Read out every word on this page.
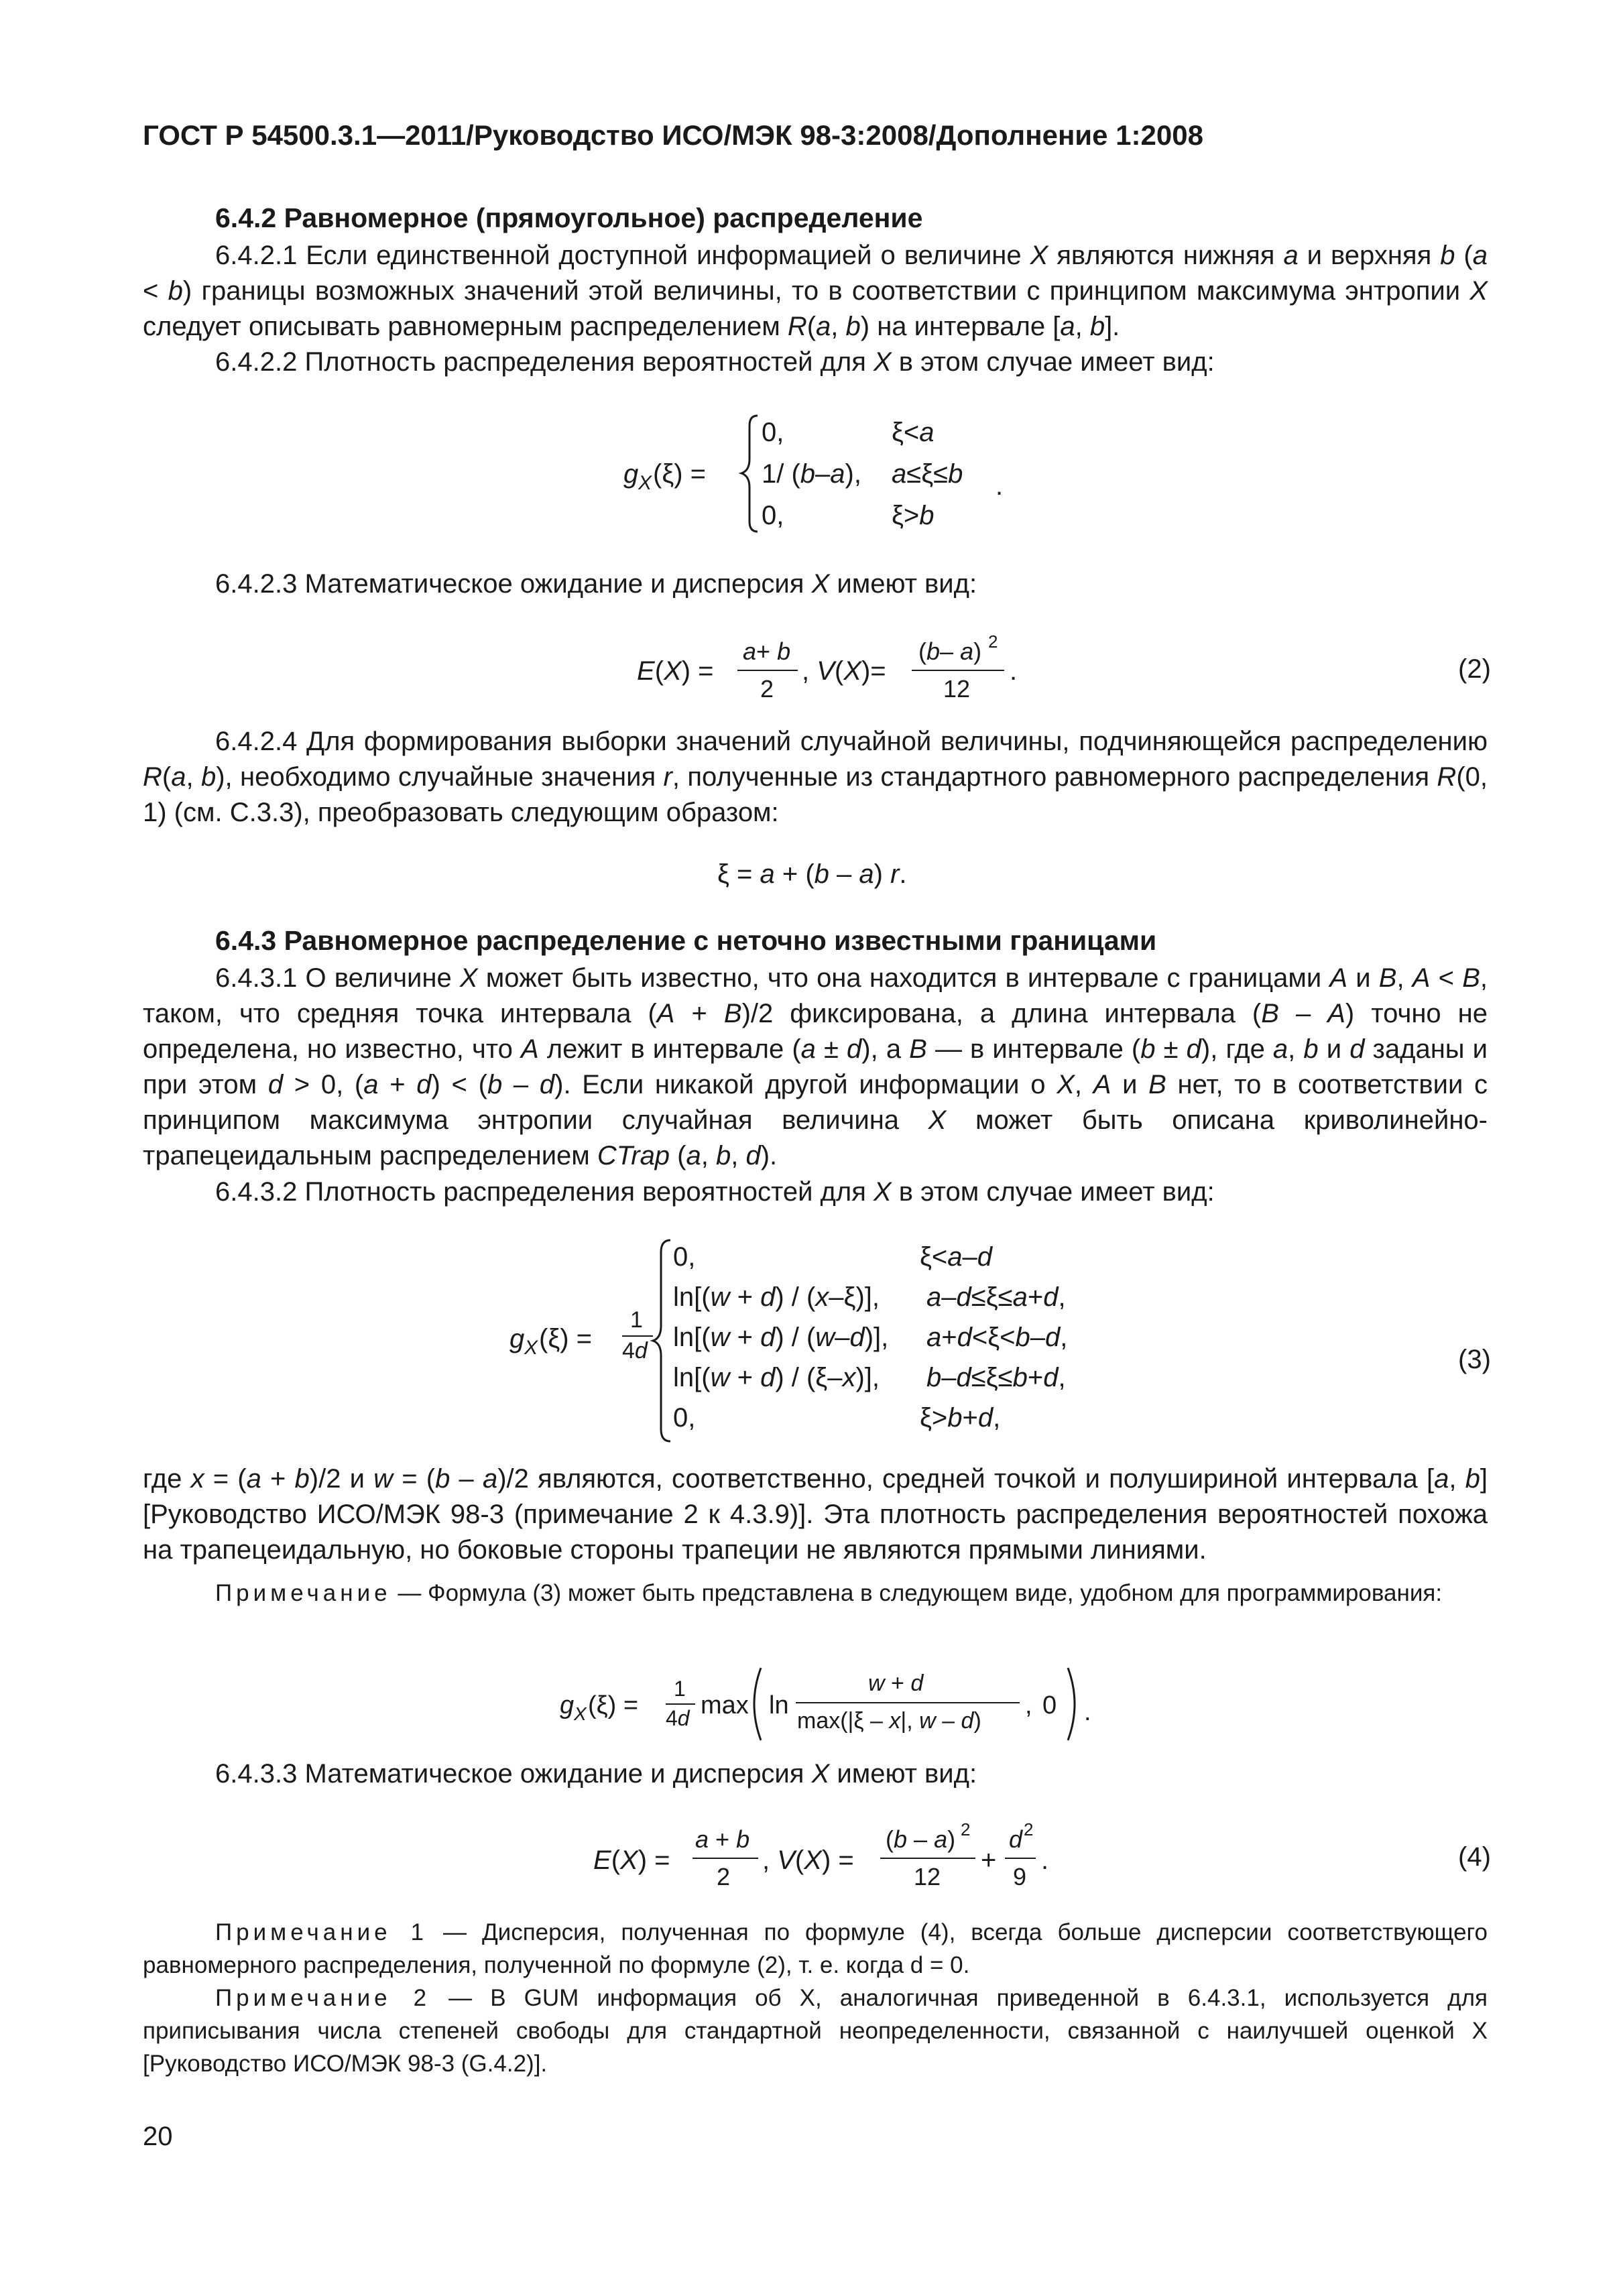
ГОСТ Р 54500.3.1—2011/Руководство ИСО/МЭК 98-3:2008/Дополнение 1:2008
6.4.2 Равномерное (прямоугольное) распределение

6.4.2.1 Если единственной доступной информацией о величине X являются нижняя a и верхняя b (a < b) границы возможных значений этой величины, то в соответствии с принципом максимума энтропии X следует описывать равномерным распределением R(a, b) на интервале [a, b].

6.4.2.2 Плотность распределения вероятностей для X в этом случае имеет вид:

g X (ξ) =
0,	ξ<a
1/ (b–a), a≤ξ≤b
0,	ξ>b
.

6.4.2.3 Математическое ожидание и дисперсия X имеют вид:

E(X) =
a+ b
2
, V(X)=
(b– a) 2
12
.	(2)

6.4.2.4 Для формирования выборки значений случайной величины, подчиняющейся распределению R(a, b), необходимо случайные значения r, полученные из стандартного равномерного распределения R(0, 1) (см. С.3.3), преобразовать следующим образом:

ξ = a + (b – a) r.
6.4.3 Равномерное распределение с неточно известными границами

6.4.3.1 О величине X может быть известно, что она находится в интервале с границами A и B, A < B, таком, что средняя точка интервала (A + B)/2 фиксирована, а длина интервала (B – A) точно не определена, но известно, что A лежит в интервале (a ± d), а B — в интервале (b ± d), где a, b и d заданы и при этом d > 0, (a + d) < (b – d). Если никакой другой информации о X, A и B нет, то в соответствии с принципом максимума энтропии случайная величина X может быть описана криволинейно-трапецеидальным распределением CTrap (a, b, d).

6.4.3.2 Плотность распределения вероятностей для X в этом случае имеет вид:

g X (ξ) =
1
4d
0,	ξ<a–d
ln[(w + d) / (x–ξ)], a–d≤ξ≤a+d,
ln[(w + d) / (w–d)], a+d<ξ<b–d,
ln[(w + d) / (ξ–x)], b–d≤ξ≤b+d,
0,	ξ>b+d,
(3)

где x = (a + b)/2 и w = (b – a)/2 являются, соответственно, средней точкой и полушириной интервала [a, b] [Руководство ИСО/МЭК 98-3 (примечание 2 к 4.3.9)]. Эта плотность распределения вероятностей похожа на трапецеидальную, но боковые стороны трапеции не являются прямыми линиями.

Примечание — Формула (3) может быть представлена в следующем виде, удобном для программирования:

g X (ξ) =
1
4d max ln
w + d
max(|ξ – x|, w – d)
, 0 .

6.4.3.3 Математическое ожидание и дисперсия X имеют вид:

E(X) =
a + b
2
, V(X) =
(b – a) 2
12
+
d 2
9
.	(4)

Примечание 1 — Дисперсия, полученная по формуле (4), всегда больше дисперсии соответствующего равномерного распределения, полученной по формуле (2), т. е. когда d = 0.

Примечание 2 — В GUM информация об X, аналогичная приведенной в 6.4.3.1, используется для приписывания числа степеней свободы для стандартной неопределенности, связанной с наилучшей оценкой X [Руководство ИСО/МЭК 98-3 (G.4.2)].

20
